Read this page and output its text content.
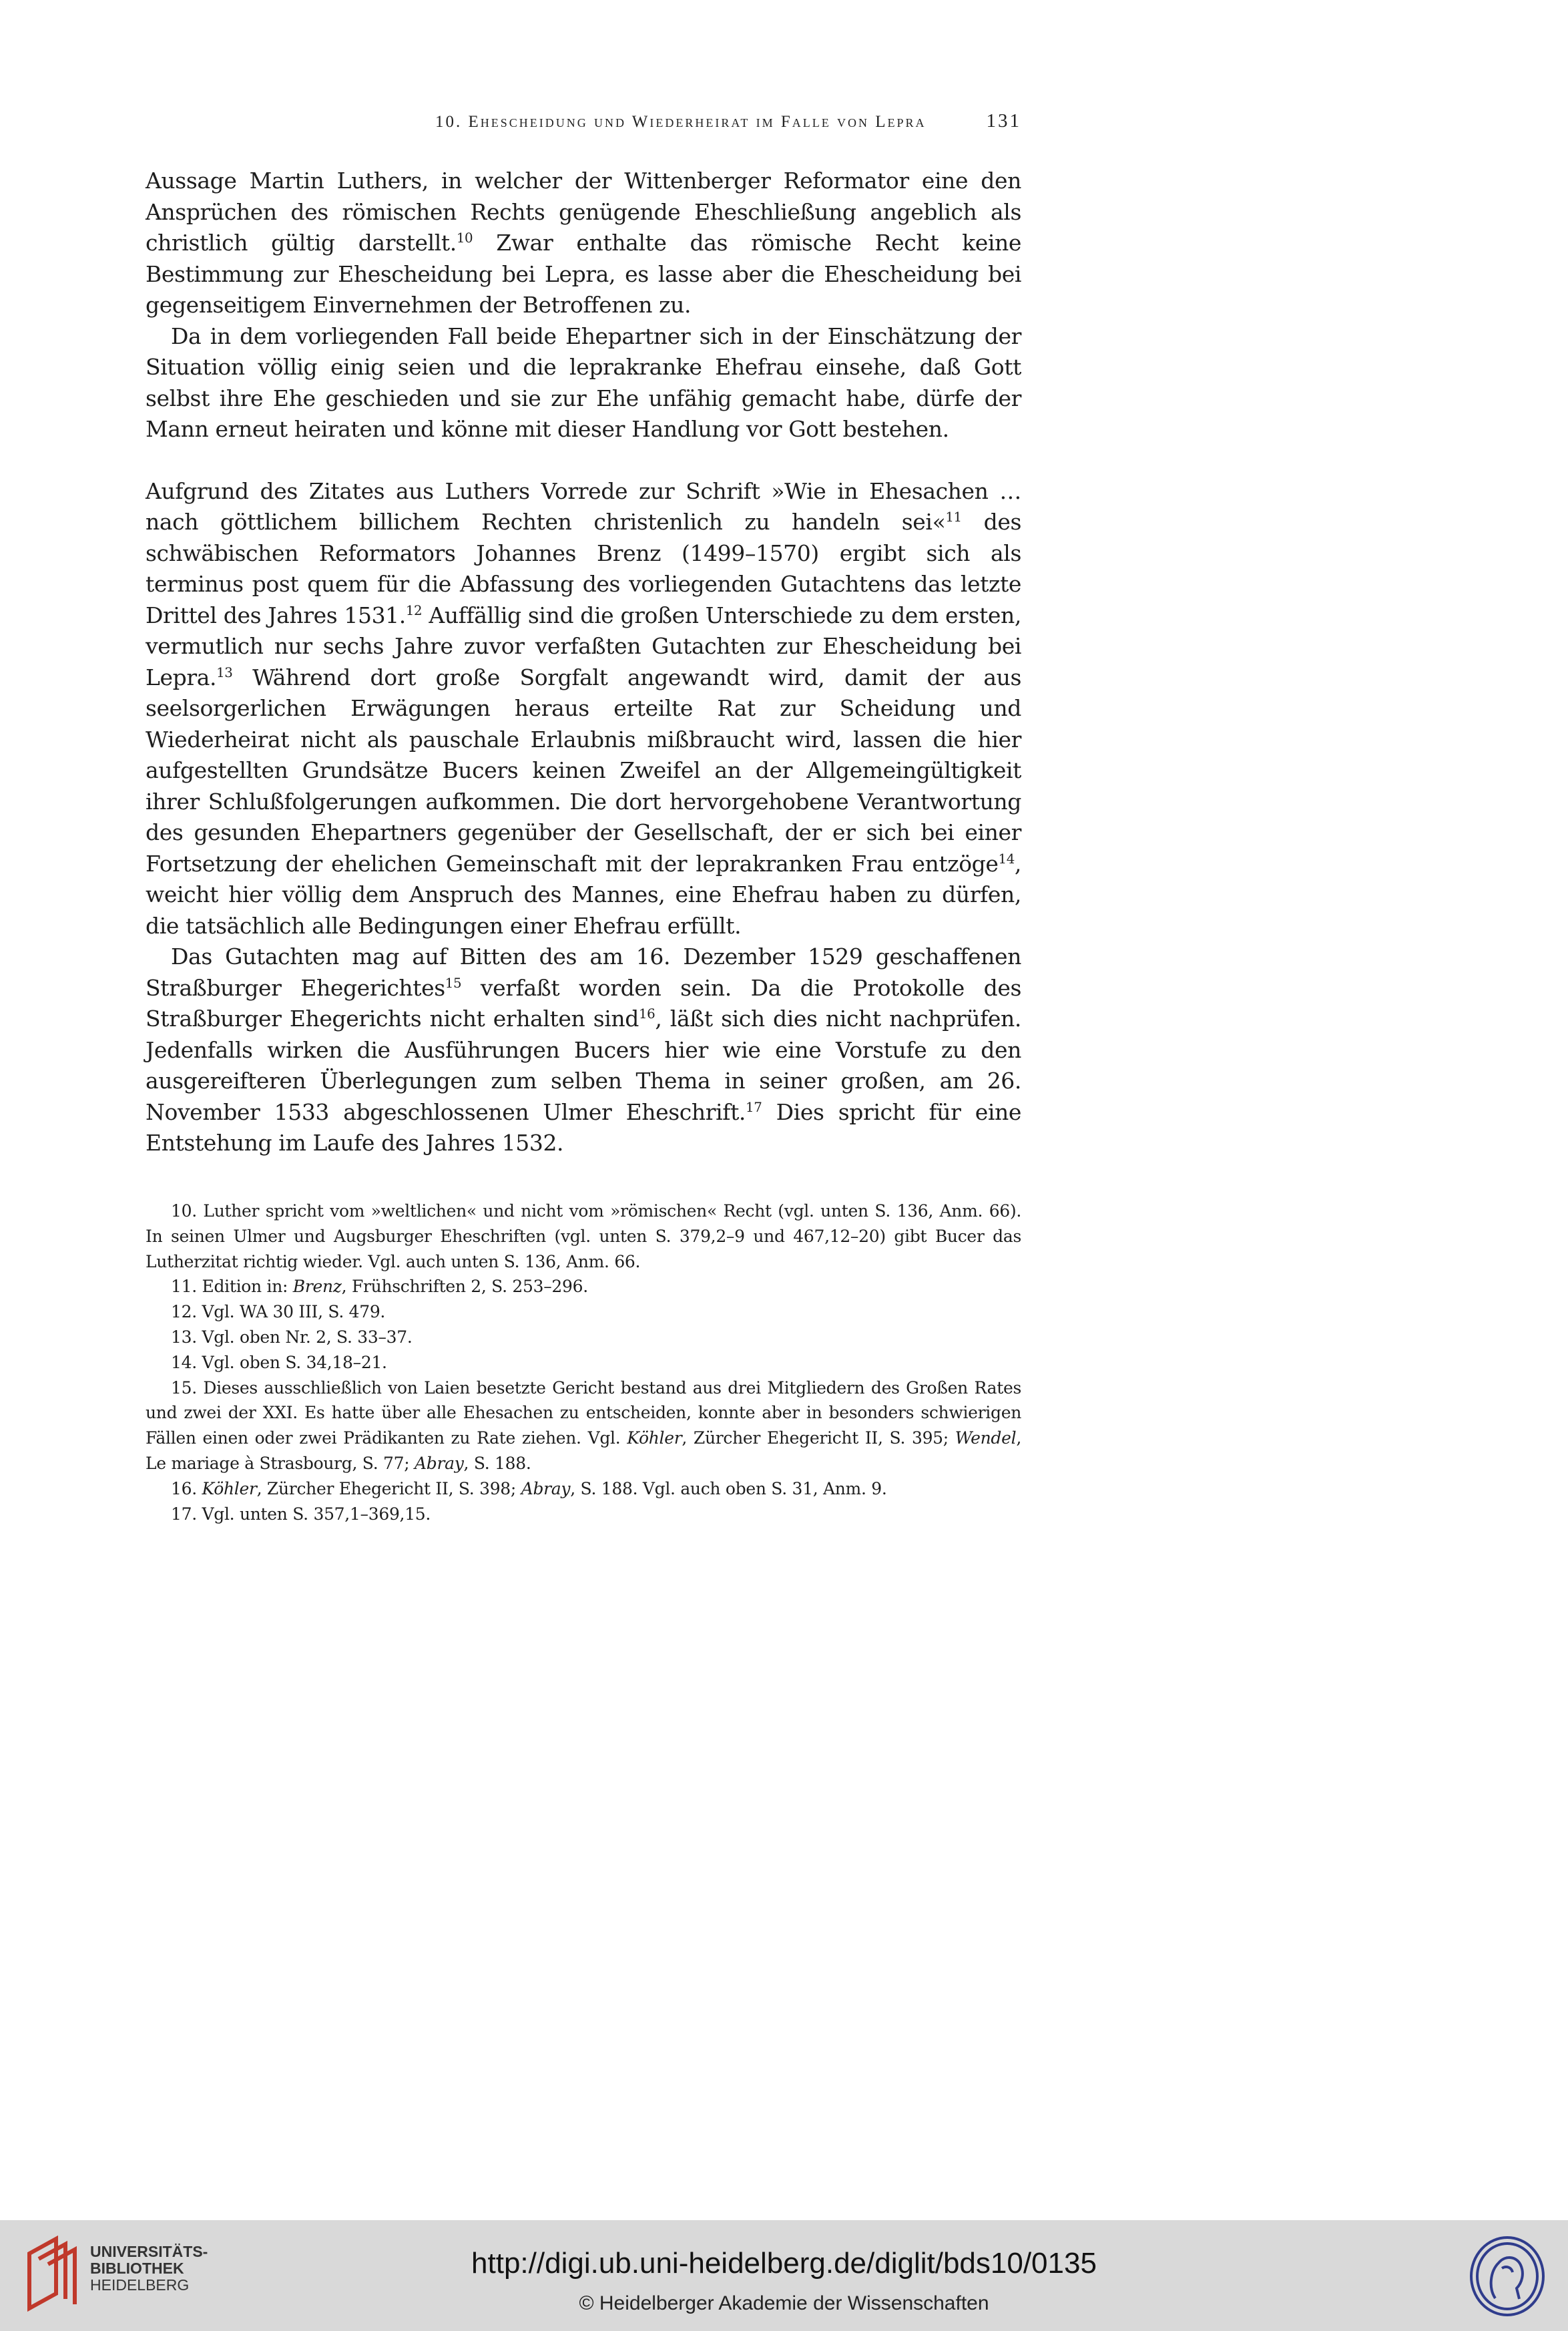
10. Ehescheidung und Wiederheirat im Falle von Lepra	131

Aussage Martin Luthers, in welcher der Wittenberger Reformator eine den Ansprüchen des römischen Rechts genügende Eheschließung angeblich als christlich gültig darstellt.$^{10}$ Zwar enthalte das römische Recht keine Bestimmung zur Ehescheidung bei Lepra, es lasse aber die Ehescheidung bei gegenseitigem Einvernehmen der Betroffenen zu.

Da in dem vorliegenden Fall beide Ehepartner sich in der Einschätzung der Situation völlig einig seien und die leprakranke Ehefrau einsehe, daß Gott selbst ihre Ehe geschieden und sie zur Ehe unfähig gemacht habe, dürfe der Mann erneut heiraten und könne mit dieser Handlung vor Gott bestehen.

Aufgrund des Zitates aus Luthers Vorrede zur Schrift »Wie in Ehesachen … nach göttlichem billichem Rechten christenlich zu handeln sei«$^{11}$ des schwäbischen Reformators Johannes Brenz (1499–1570) ergibt sich als terminus post quem für die Abfassung des vorliegenden Gutachtens das letzte Drittel des Jahres 1531.12 Auffällig sind die großen Unterschiede zu dem ersten, vermutlich nur sechs Jahre zuvor verfaßten Gutachten zur Ehescheidung bei Lepra.$^{13}$ Während dort große Sorgfalt angewandt wird, damit der aus seelsorgerlichen Erwägungen heraus erteilte Rat zur Scheidung und Wiederheirat nicht als pauschale Erlaubnis mißbraucht wird, lassen die hier aufgestellten Grundsätze Bucers keinen Zweifel an der Allgemeingültigkeit ihrer Schlußfolgerungen aufkommen. Die dort hervorgehobene Verantwortung des gesunden Ehepartners gegenüber der Gesellschaft, der er sich bei einer Fortsetzung der ehelichen Gemeinschaft mit der leprakranken Frau entzöge$^{14}$, weicht hier völlig dem Anspruch des Mannes, eine Ehefrau haben zu dürfen, die tatsächlich alle Bedingungen einer Ehefrau erfüllt.

Das Gutachten mag auf Bitten des am 16. Dezember 1529 geschaffenen Straßburger Ehegerichtes$^{15}$ verfaßt worden sein. Da die Protokolle des Straßburger Ehegerichts nicht erhalten sind$^{16}$, läßt sich dies nicht nachprüfen. Jedenfalls wirken die Ausführungen Bucers hier wie eine Vorstufe zu den ausgereifteren Überlegungen zum selben Thema in seiner großen, am 26. November 1533 abgeschlossenen Ulmer Eheschrift.$^{17}$ Dies spricht für eine Entstehung im Laufe des Jahres 1532.

10. Luther spricht vom »weltlichen« und nicht vom »römischen« Recht (vgl. unten S. 136, Anm. 66). In seinen Ulmer und Augsburger Eheschriften (vgl. unten S. 379,2–9 und 467,12–20) gibt Bucer das Lutherzitat richtig wieder. Vgl. auch unten S. 136, Anm. 66.

11. Edition in: Brenz, Frühschriften 2, S. 253–296.

12. Vgl. WA 30 III, S. 479.

13. Vgl. oben Nr. 2, S. 33–37.

14. Vgl. oben S. 34,18–21.

15. Dieses ausschließlich von Laien besetzte Gericht bestand aus drei Mitgliedern des Großen Rates und zwei der XXI. Es hatte über alle Ehesachen zu entscheiden, konnte aber in besonders schwierigen Fällen einen oder zwei Prädikanten zu Rate ziehen. Vgl. Köhler, Zürcher Ehegericht II, S. 395; Wendel, Le mariage à Strasbourg, S. 77; Abray, S. 188.

16. Köhler, Zürcher Ehegericht II, S. 398; Abray, S. 188. Vgl. auch oben S. 31, Anm. 9.

17. Vgl. unten S. 357,1–369,15.

UNIVERSITÄTS-
BIBLIOTHEK
HEIDELBERG
http://digi.ub.uni-heidelberg.de/diglit/bds10/0135
© Heidelberger Akademie der Wissenschaften
